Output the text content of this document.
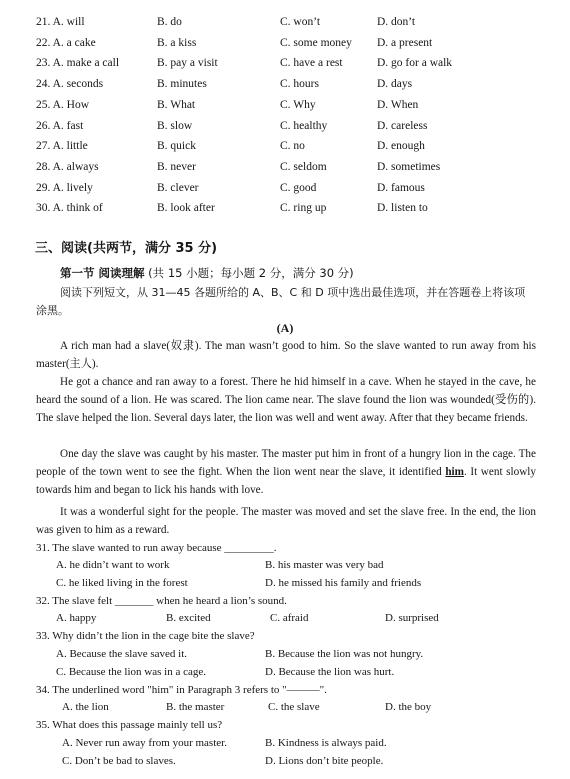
21. A. will	B. do	C. won’t	D. don’t
22. A. a cake	B. a kiss	C. some money D. a present
23. A. make a call	B. pay a visit	C. have a rest	D. go for a walk
24. A. seconds	B. minutes	C. hours	D. days
25. A. How	B. What	C. Why	D. When
26. A. fast	B. slow	C. healthy	D. careless
27. A. little	B. quick	C. no	D. enough
28. A. always	B. never	C. seldom	D. sometimes
29. A. lively	B. clever	C. good	D. famous
30. A. think of	B. look after	C. ring up	D. listen to
三、阅读(共两节，满分 35 分)
第一节 阅读理解 (共 15 小题；每小题 2 分，满分 30 分)
阅读下列短文，从 31—45 各题所给的 A、B、C 和 D 项中选出最佳选项，并在答题卷上将该项涂黑。
(A)
A rich man had a slave(奴隶). The man wasn’t good to him. So the slave wanted to run away from his master(主人).
He got a chance and ran away to a forest. There he hid himself in a cave. When he stayed in the cave, he heard the sound of a lion. He was scared. The lion came near. The slave found the lion was wounded(受伤的). The slave helped the lion. Several days later, the lion was well and went away. After that they became friends.
One day the slave was caught by his master. The master put him in front of a hungry lion in the cage. The people of the town went to see the fight. When the lion went near the slave, it identified him. It went slowly towards him and began to lick his hands with love.
It was a wonderful sight for the people. The master was moved and set the slave free. In the end, the lion was given to him as a reward.
31. The slave wanted to run away because _________.
A. he didn’t want to work	B. his master was very bad
C. he liked living in the forest	D. he missed his family and friends
32. The slave felt _______ when he heard a lion’s sound.
A. happy	B. excited	C. afraid	D. surprised
33. Why didn’t the lion in the cage bite the slave?
A. Because the slave saved it.	B. Because the lion was not hungry.
C. Because the lion was in a cage.	D. Because the lion was hurt.
34. The underlined word "him" in Paragraph 3 refers to "———".
A. the lion	B. the master	C. the slave	D. the boy
35. What does this passage mainly tell us?
A. Never run away from your master.	B. Kindness is always paid.
C. Don’t be bad to slaves.	D. Lions don’t bite people.
